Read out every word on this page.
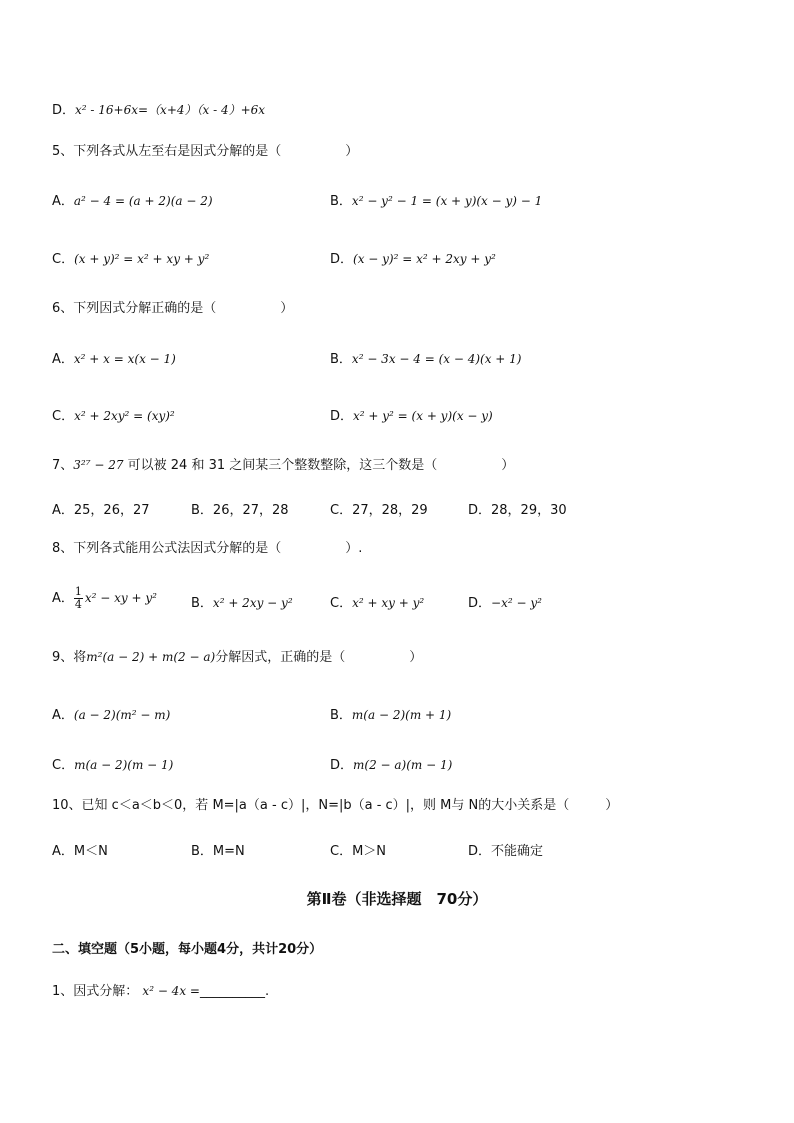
D．x² - 16+6x=（x+4）（x - 4）+6x
5、下列各式从左至右是因式分解的是（	）
A．a² − 4 = (a + 2)(a − 2)	B．x² − y² − 1 = (x + y)(x − y) − 1
C．(x + y)² = x² + xy + y²	D．(x − y)² = x² + 2xy + y²
6、下列因式分解正确的是（	）
A．x² + x = x(x − 1)	B．x² − 3x − 4 = (x − 4)(x + 1)
C．x² + 2xy² = (xy)²	D．x² + y² = (x + y)(x − y)
7、3²⁷ − 27 可以被 24 和 31 之间某三个整数整除，这三个数是（	）
A．25，26，27	B．26，27，28	C．27，28，29	D．28，29，30
8、下列各式能用公式法因式分解的是（	）.
A． $\frac{1}{4} x^2$ − xy + y²	B．x² + 2xy − y²	C．x² + xy + y²	D．−x² − y²
9、将m²(a − 2) + m(2 − a)分解因式，正确的是（	）
A．(a − 2)(m² − m)	B．m(a − 2)(m + 1)
C．m(a − 2)(m − 1)	D．m(2 − a)(m − 1)
10、已知 c＜a＜b＜0，若 M=|a（a - c）|，N=|b（a - c）|，则 M与 N的大小关系是（	）
A．M＜N	B．M=N	C．M＞N	D．不能确定
第Ⅱ卷（非选择题　70分）
二、填空题（5小题，每小题4分，共计20分）
1、因式分解： x² − 4x =__________.
